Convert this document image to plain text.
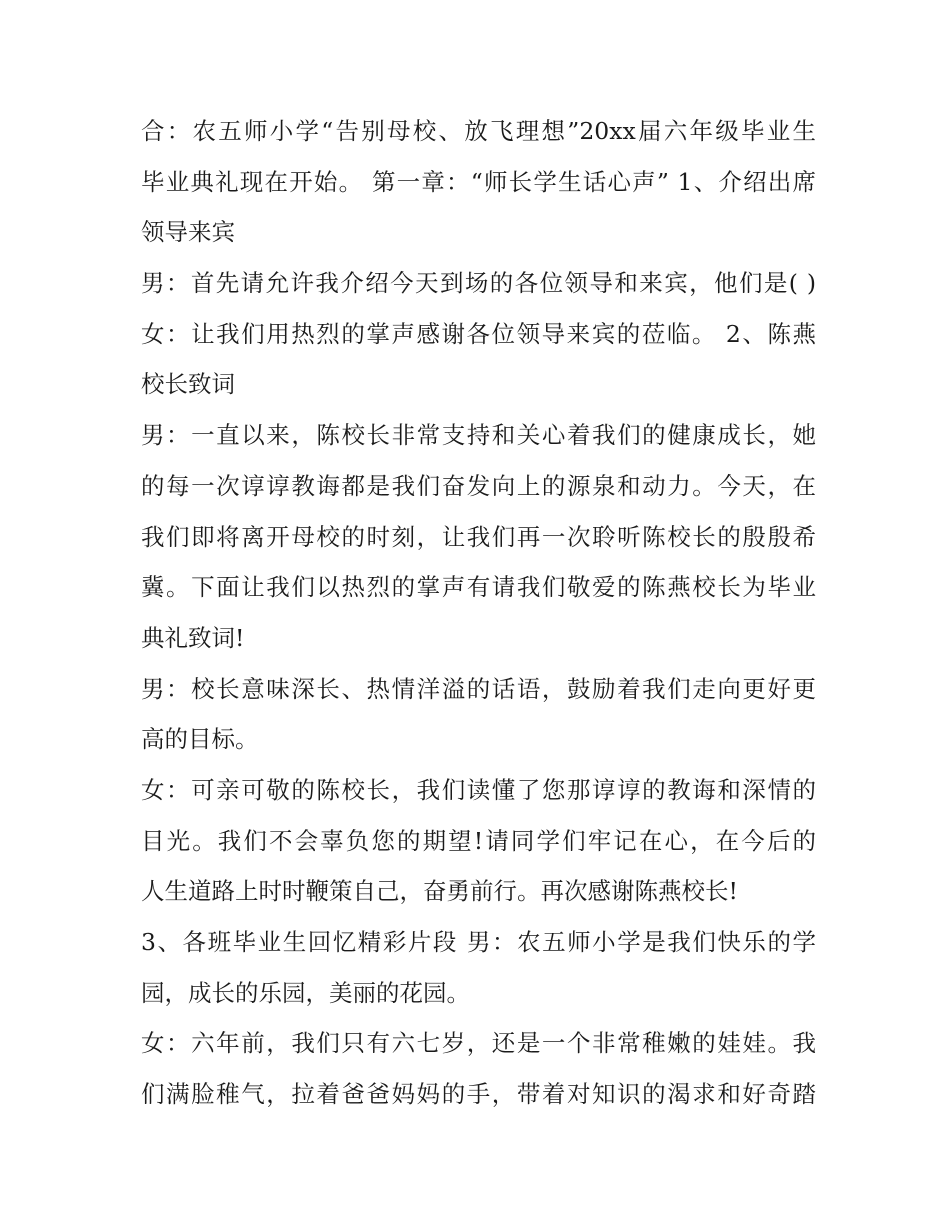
合：农五师小学“告别母校、放飞理想”20xx届六年级毕业生
毕业典礼现在开始。 第一章：“师长学生话心声” 1、介绍出席
领导来宾
男：首先请允许我介绍今天到场的各位领导和来宾，他们是( )
女：让我们用热烈的掌声感谢各位领导来宾的莅临。 2、陈燕
校长致词
男：一直以来，陈校长非常支持和关心着我们的健康成长，她
的每一次谆谆教诲都是我们奋发向上的源泉和动力。今天，在
我们即将离开母校的时刻，让我们再一次聆听陈校长的殷殷希
冀。下面让我们以热烈的掌声有请我们敬爱的陈燕校长为毕业
典礼致词!
男：校长意味深长、热情洋溢的话语，鼓励着我们走向更好更
高的目标。
女：可亲可敬的陈校长，我们读懂了您那谆谆的教诲和深情的
目光。我们不会辜负您的期望!请同学们牢记在心，在今后的
人生道路上时时鞭策自己，奋勇前行。再次感谢陈燕校长!
3、各班毕业生回忆精彩片段 男：农五师小学是我们快乐的学
园，成长的乐园，美丽的花园。
女：六年前，我们只有六七岁，还是一个非常稚嫩的娃娃。我
们满脸稚气，拉着爸爸妈妈的手，带着对知识的渴求和好奇踏
